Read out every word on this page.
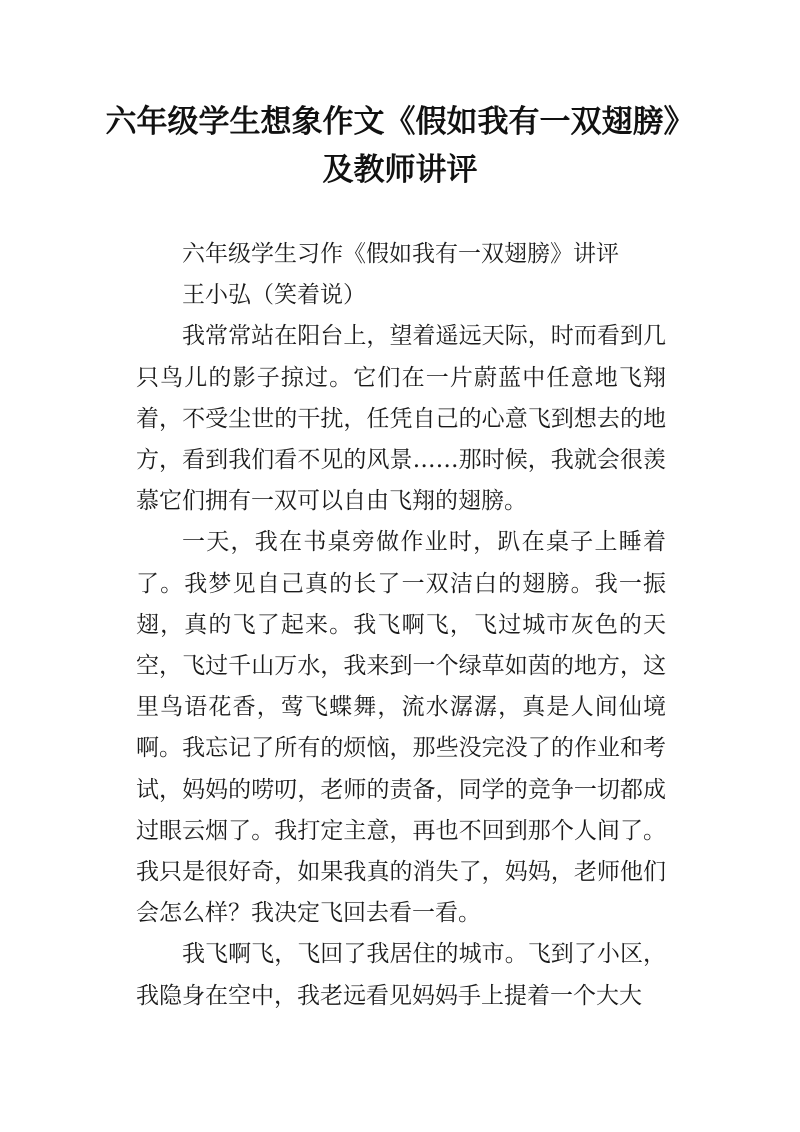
六年级学生想象作文《假如我有一双翅膀》及教师讲评

六年级学生习作《假如我有一双翅膀》讲评

王小弘（笑着说）

我常常站在阳台上，望着遥远天际，时而看到几只鸟儿的影子掠过。它们在一片蔚蓝中任意地飞翔着，不受尘世的干扰，任凭自己的心意飞到想去的地方，看到我们看不见的风景……那时候，我就会很羡慕它们拥有一双可以自由飞翔的翅膀。

一天，我在书桌旁做作业时，趴在桌子上睡着了。我梦见自己真的长了一双洁白的翅膀。我一振翅，真的飞了起来。我飞啊飞，飞过城市灰色的天空，飞过千山万水，我来到一个绿草如茵的地方，这里鸟语花香，莺飞蝶舞，流水潺潺，真是人间仙境啊。我忘记了所有的烦恼，那些没完没了的作业和考试，妈妈的唠叨，老师的责备，同学的竞争一切都成过眼云烟了。我打定主意，再也不回到那个人间了。我只是很好奇，如果我真的消失了，妈妈，老师他们会怎么样？我决定飞回去看一看。

我飞啊飞，飞回了我居住的城市。飞到了小区，我隐身在空中，我老远看见妈妈手上提着一个大大
